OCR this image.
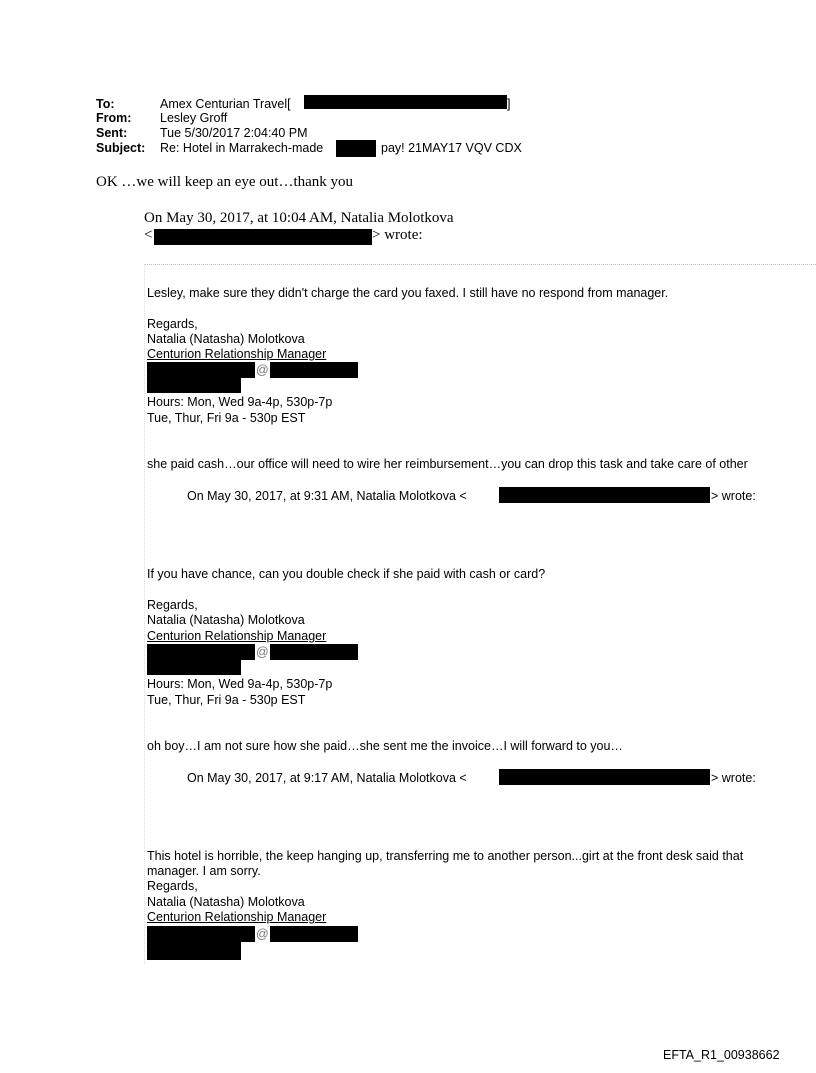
To:	Amex Centurian Travel[	]
From: Lesley Groff
Sent:	Tue 5/30/2017 2:04:40 PM
Subject: Re: Hotel in Marrakech-made	pay! 21MAY17 VQV CDX
OK …we will keep an eye out…thank you
On May 30, 2017, at 10:04 AM, Natalia Molotkova
<	> wrote:
Lesley, make sure they didn't charge the card you faxed. I still have no respond from manager.
Regards,
Natalia (Natasha) Molotkova
Centurion Relationship Manager
@
Hours: Mon, Wed 9a-4p, 530p-7p
Tue, Thur, Fri 9a - 530p EST
she paid cash…our office will need to wire her reimbursement…you can drop this task and take care of other
On May 30, 2017, at 9:31 AM, Natalia Molotkova <	> wrote:
If you have chance, can you double check if she paid with cash or card?
Regards,
Natalia (Natasha) Molotkova
Centurion Relationship Manager
@
Hours: Mon, Wed 9a-4p, 530p-7p
Tue, Thur, Fri 9a - 530p EST
oh boy…I am not sure how she paid…she sent me the invoice…I will forward to you…
On May 30, 2017, at 9:17 AM, Natalia Molotkova <	> wrote:
This hotel is horrible, the keep hanging up, transferring me to another person...girt at the front desk said that
manager. I am sorry.
Regards,
Natalia (Natasha) Molotkova
Centurion Relationship Manager
@
EFTA_R1_00938662
